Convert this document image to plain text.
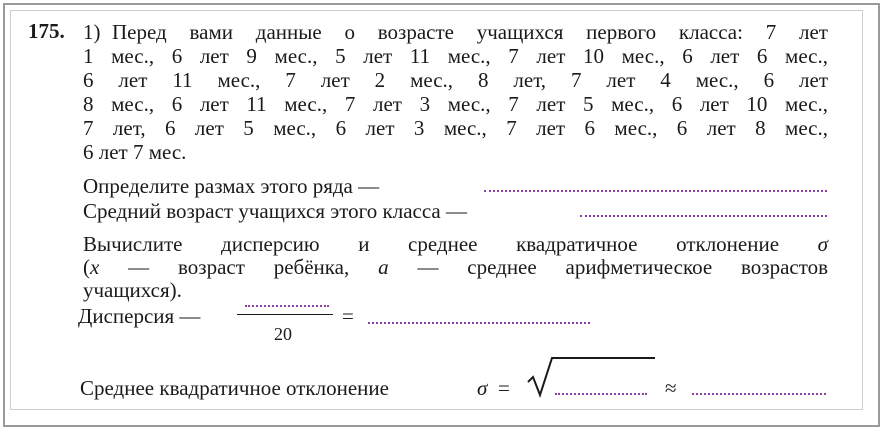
175. 1) Перед вами данные о возрасте учащихся первого класса: 7 лет
1 мес., 6 лет 9 мес., 5 лет 11 мес., 7 лет 10 мес., 6 лет 6 мес.,
6 лет 11 мес., 7 лет 2 мес., 8 лет, 7 лет 4 мес., 6 лет
8 мес., 6 лет 11 мес., 7 лет 3 мес., 7 лет 5 мес., 6 лет 10 мес.,
7 лет, 6 лет 5 мес., 6 лет 3 мес., 7 лет 6 мес., 6 лет 8 мес.,
6 лет 7 мес.
Определите размах этого ряда —
Средний возраст учащихся этого класса —
Вычислите дисперсию и среднее квадратичное отклонение σ
(x — возраст ребёнка, a — среднее арифметическое возрастов
учащихся).
Дисперсия —
20
=
Среднее квадратичное отклонение	σ =	≈
